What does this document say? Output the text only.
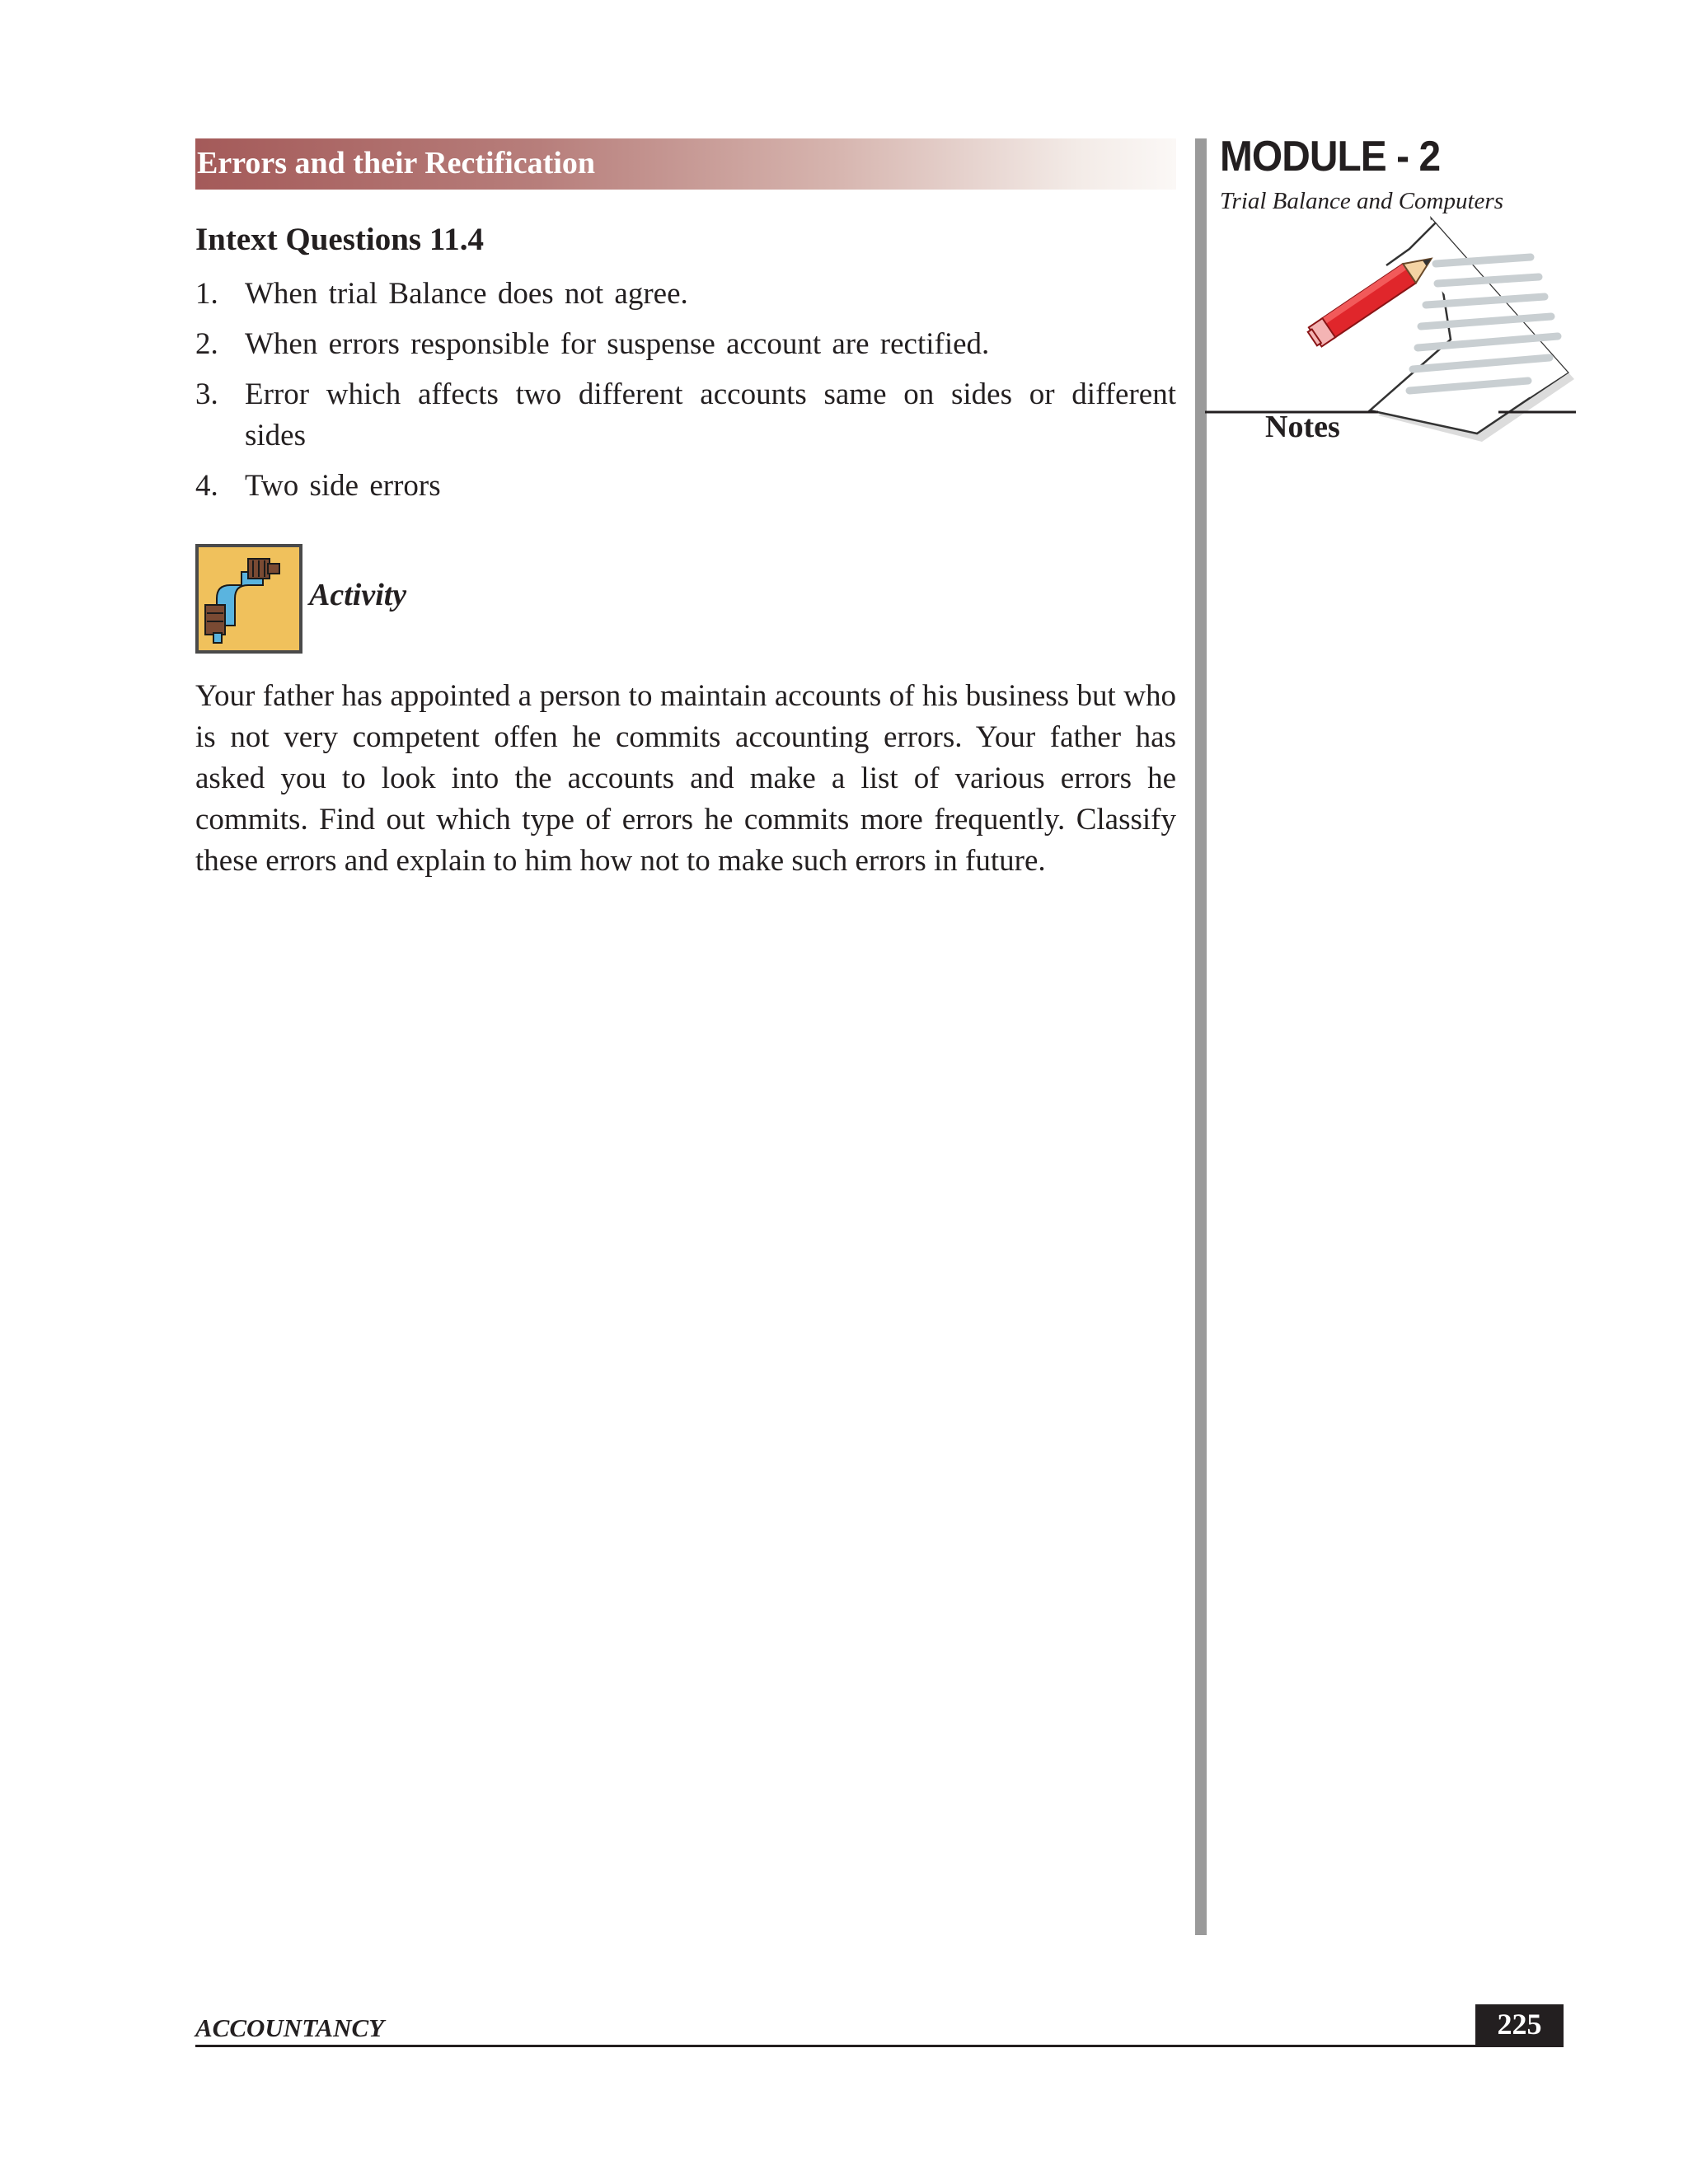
Errors and their Rectification
Intext Questions 11.4
1. When trial Balance does not agree.
2. When errors responsible for suspense account are rectified.
3. Error which affects two different accounts same on sides or different sides
4. Two side errors
Activity
Your father has appointed a person to maintain accounts of his business but who is not very competent offen he commits accounting errors. Your father has asked you to look into the accounts and make a list of various errors he commits. Find out which type of errors he commits more frequently. Classify these errors and explain to him how not to make such errors in future.
MODULE - 2
Trial Balance and Computers
Notes
ACCOUNTANCY	225
